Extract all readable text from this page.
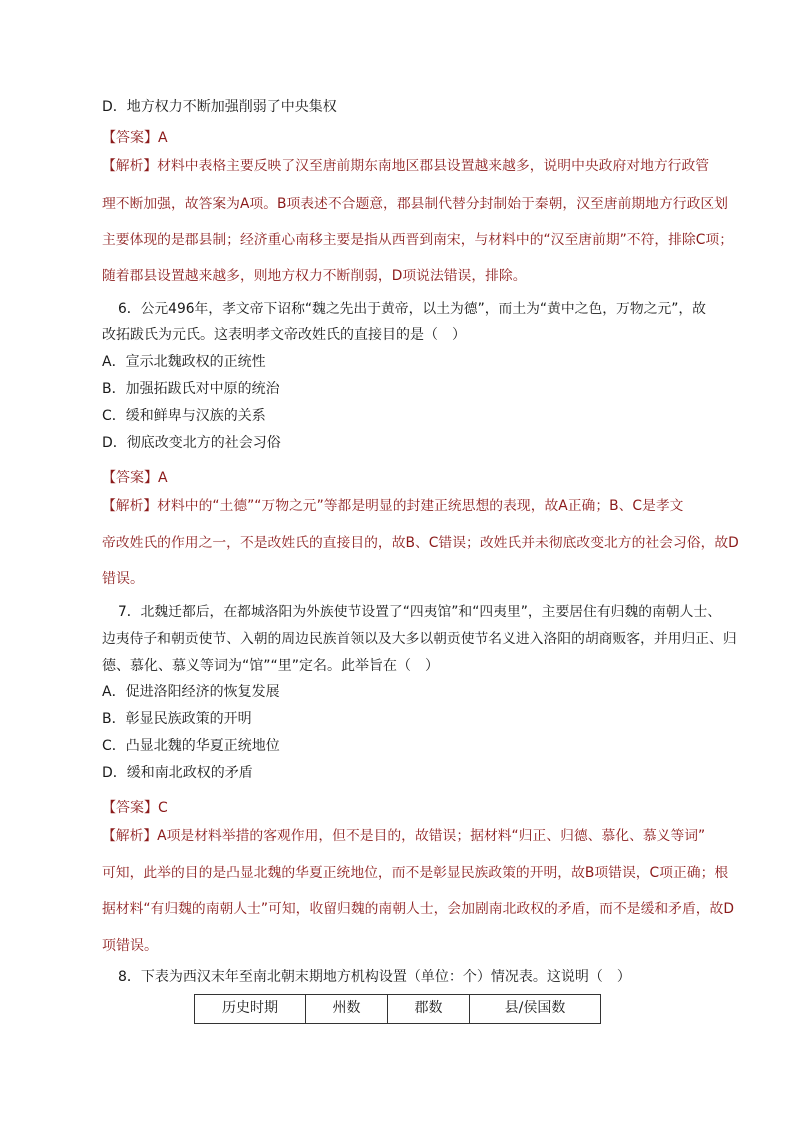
D．地方权力不断加强削弱了中央集权
【答案】A
【解析】材料中表格主要反映了汉至唐前期东南地区郡县设置越来越多，说明中央政府对地方行政管
理不断加强，故答案为A项。B项表述不合题意，郡县制代替分封制始于秦朝，汉至唐前期地方行政区划
主要体现的是郡县制；经济重心南移主要是指从西晋到南宋，与材料中的“汉至唐前期”不符，排除C项；
随着郡县设置越来越多，则地方权力不断削弱，D项说法错误，排除。
6．公元496年，孝文帝下诏称“魏之先出于黄帝，以土为德”，而土为“黄中之色，万物之元”，故
改拓跋氏为元氏。这表明孝文帝改姓氏的直接目的是（　）
A．宣示北魏政权的正统性
B．加强拓跋氏对中原的统治
C．缓和鲜卑与汉族的关系
D．彻底改变北方的社会习俗
【答案】A
【解析】材料中的“土德”“万物之元”等都是明显的封建正统思想的表现，故A正确；B、C是孝文
帝改姓氏的作用之一，不是改姓氏的直接目的，故B、C错误；改姓氏并未彻底改变北方的社会习俗，故D
错误。
7．北魏迁都后，在都城洛阳为外族使节设置了“四夷馆”和“四夷里”，主要居住有归魏的南朝人士、
边夷侍子和朝贡使节、入朝的周边民族首领以及大多以朝贡使节名义进入洛阳的胡商贩客，并用归正、归
德、慕化、慕义等词为“馆”“里”定名。此举旨在（　）
A．促进洛阳经济的恢复发展
B．彰显民族政策的开明
C．凸显北魏的华夏正统地位
D．缓和南北政权的矛盾
【答案】C
【解析】A项是材料举措的客观作用，但不是目的，故错误；据材料“归正、归德、慕化、慕义等词”
可知，此举的目的是凸显北魏的华夏正统地位，而不是彰显民族政策的开明，故B项错误，C项正确；根
据材料“有归魏的南朝人士”可知，收留归魏的南朝人士，会加剧南北政权的矛盾，而不是缓和矛盾，故D
项错误。
8．下表为西汉末年至南北朝末期地方机构设置（单位：个）情况表。这说明（　）
历史时期	州数	郡数	县/侯国数
